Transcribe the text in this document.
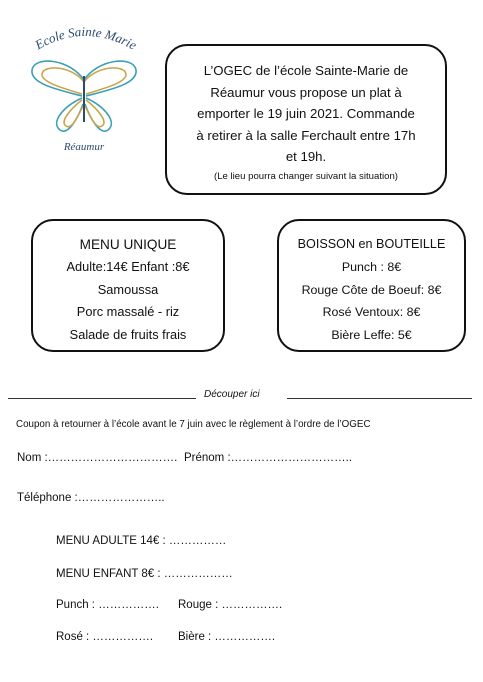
Ecole Sainte Marie
Réaumur
L’OGEC de l’école Sainte-Marie de
Réaumur vous propose un plat à
emporter le 19 juin 2021. Commande
à retirer à la salle Ferchault entre 17h
et 19h.
(Le lieu pourra changer suivant la situation)
MENU UNIQUE
Adulte:14€ Enfant :8€
Samoussa
Porc massalé - riz
Salade de fruits frais
BOISSON en BOUTEILLE
Punch : 8€
Rouge Côte de Boeuf: 8€
Rosé Ventoux: 8€
Bière Leffe: 5€
Découper ici
Coupon à retourner à l’école avant le 7 juin avec le règlement à l’ordre de l’OGEC
Nom :……………………………. Prénom :…………………………..
Téléphone :…………………..
MENU ADULTE 14€ : ……………
MENU ENFANT 8€ : ………………
Punch : ……………. Rouge : …………….
Rosé : ……………. Bière : …………….
